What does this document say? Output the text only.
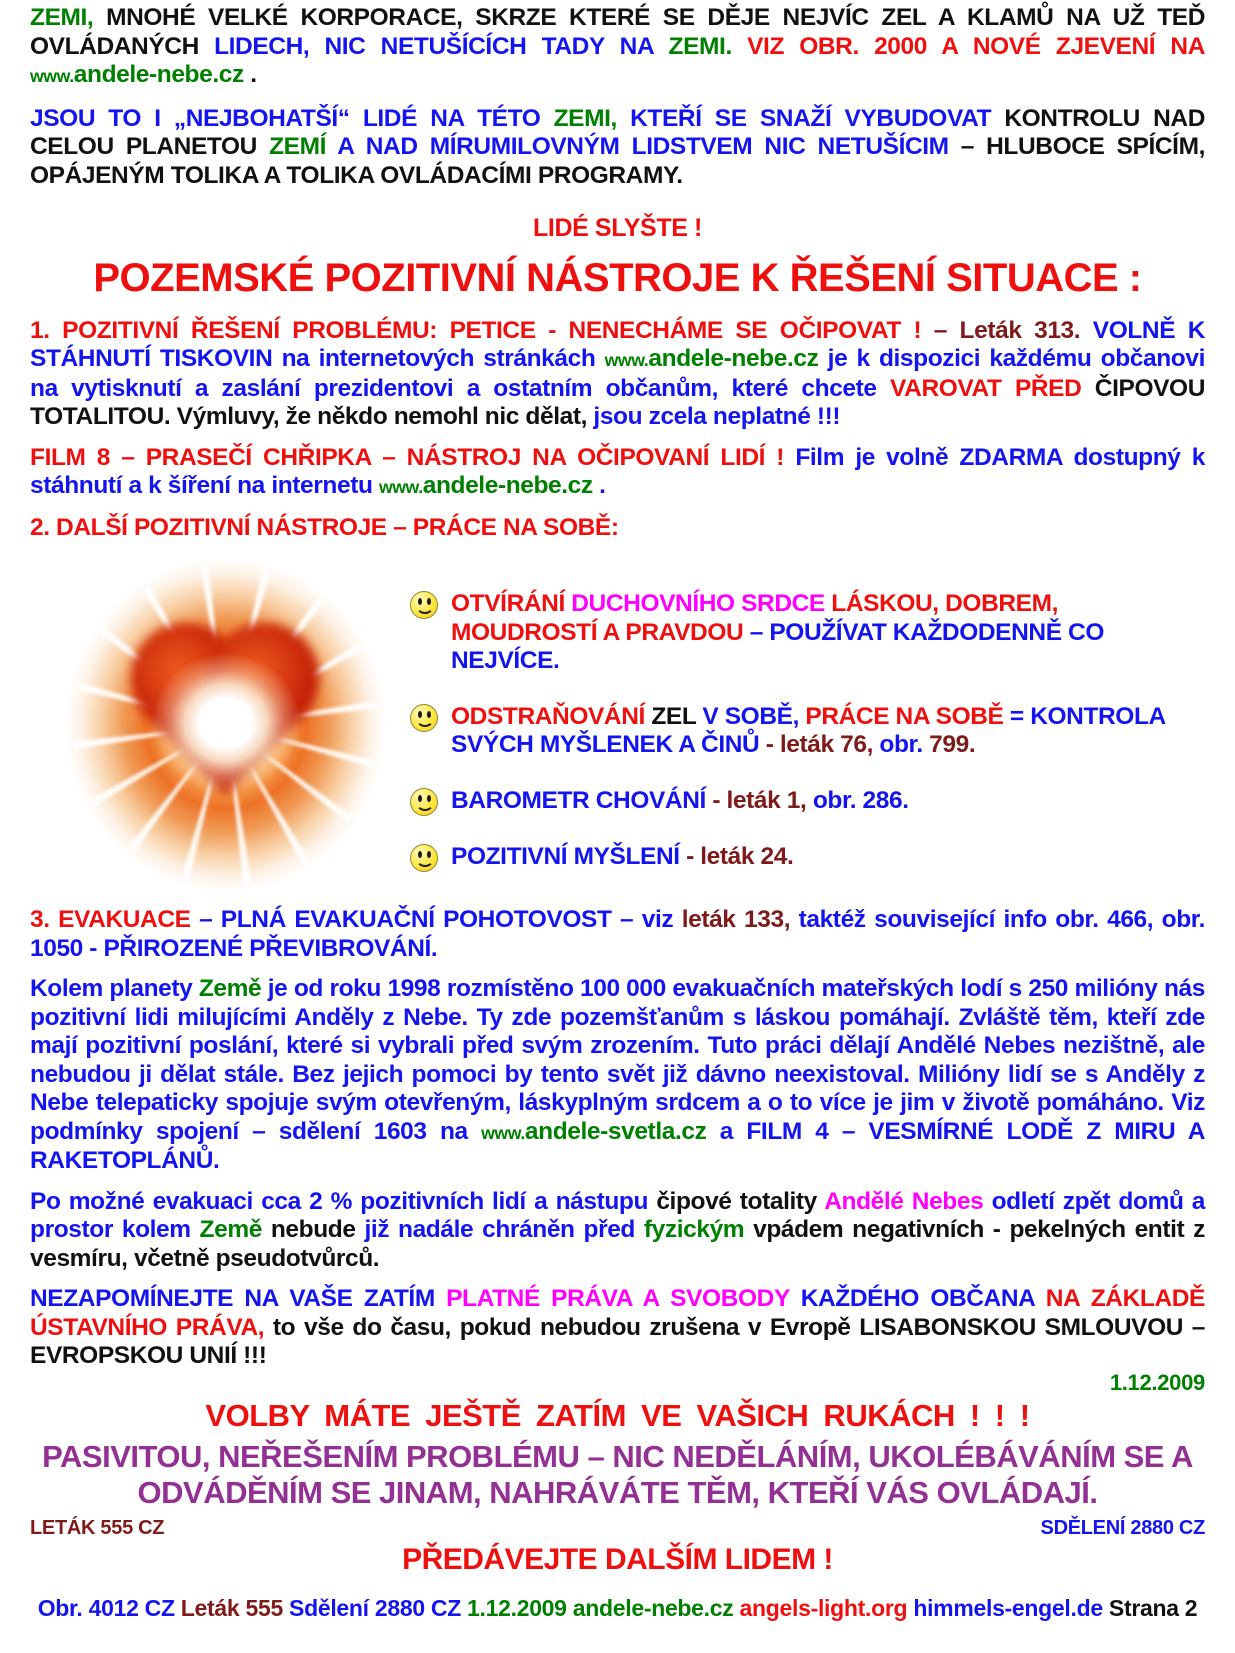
ZEMI, MNOHÉ VELKÉ KORPORACE, SKRZE KTERÉ SE DĚJE NEJVÍC ZEL A KLAMŮ NA UŽ TEĎ OVLÁDANÝCH LIDECH, NIC NETUŠÍCÍCH TADY NA ZEMI. VIZ OBR. 2000 A NOVÉ ZJEVENÍ NA www.andele-nebe.cz .

JSOU TO I „NEJBOHATŠÍ“ LIDÉ NA TÉTO ZEMI, KTEŘÍ SE SNAŽÍ VYBUDOVAT KONTROLU NAD CELOU PLANETOU ZEMÍ A NAD MÍRUMILOVNÝM LIDSTVEM NIC NETUŠÍCIM – HLUBOCE SPÍCÍM, OPÁJENÝM TOLIKA A TOLIKA OVLÁDACÍMI PROGRAMY.

LIDÉ SLYŠTE !

POZEMSKÉ POZITIVNÍ NÁSTROJE K ŘEŠENÍ SITUACE :

1. POZITIVNÍ ŘEŠENÍ PROBLÉMU: PETICE - NENECHÁME SE OČIPOVAT ! – Leták 313. VOLNĚ K STÁHNUTÍ TISKOVIN na internetových stránkách www.andele-nebe.cz je k dispozici každému občanovi na vytisknutí a zaslání prezidentovi a ostatním občanům, které chcete VAROVAT PŘED ČIPOVOU TOTALITOU. Výmluvy, že někdo nemohl nic dělat, jsou zcela neplatné !!!

FILM 8 – PRASEČÍ CHŘIPKA – NÁSTROJ NA OČIPOVANÍ LIDÍ ! Film je volně ZDARMA dostupný k stáhnutí a k šíření na internetu www.andele-nebe.cz .

2. DALŠÍ POZITIVNÍ NÁSTROJE – PRÁCE NA SOBĚ:

OTVÍRÁNÍ DUCHOVNÍHO SRDCE LÁSKOU, DOBREM, MOUDROSTÍ A PRAVDOU – POUŽÍVAT KAŽDODENNĚ CO NEJVÍCE.

ODSTRAŇOVÁNÍ ZEL V SOBĚ, PRÁCE NA SOBĚ = KONTROLA SVÝCH MYŠLENEK A ČINŮ - leták 76, obr. 799.

BAROMETR CHOVÁNÍ - leták 1, obr. 286.

POZITIVNÍ MYŠLENÍ - leták 24.

3. EVAKUACE – PLNÁ EVAKUAČNÍ POHOTOVOST – viz leták 133, taktéž související info obr. 466, obr. 1050 - PŘIROZENÉ PŘEVIBROVÁNÍ.

Kolem planety Země je od roku 1998 rozmístěno 100 000 evakuačních mateřských lodí s 250 milióny nás pozitivní lidi milujícími Anděly z Nebe. Ty zde pozemšťanům s láskou pomáhají. Zvláště těm, kteří zde mají pozitivní poslání, které si vybrali před svým zrozením. Tuto práci dělají Andělé Nebes nezištně, ale nebudou ji dělat stále. Bez jejich pomoci by tento svět již dávno neexistoval. Milióny lidí se s Anděly z Nebe telepaticky spojuje svým otevřeným, láskyplným srdcem a o to více je jim v životě pomáháno. Viz podmínky spojení – sdělení 1603 na www.andele-svetla.cz a FILM 4 – VESMÍRNÉ LODĚ Z MIRU A RAKETOPLÁNŮ.

Po možné evakuaci cca 2 % pozitivních lidí a nástupu čipové totality Andělé Nebes odletí zpět domů a prostor kolem Země nebude již nadále chráněn před fyzickým vpádem negativních - pekelných entit z vesmíru, včetně pseudotvůrců.

NEZAPOMÍNEJTE NA VAŠE ZATÍM PLATNÉ PRÁVA A SVOBODY KAŽDÉHO OBČANA NA ZÁKLADĚ ÚSTAVNÍHO PRÁVA, to vše do času, pokud nebudou zrušena v Evropě LISABONSKOU SMLOUVOU – EVROPSKOU UNIÍ !!!

1.12.2009

VOLBY MÁTE JEŠTĚ ZATÍM VE VAŠICH RUKÁCH ! ! !

PASIVITOU, NEŘEŠENÍM PROBLÉMU – NIC NEDĚLÁNÍM, UKOLÉBÁVÁNÍM SE A ODVÁDĚNÍM SE JINAM, NAHRÁVÁTE TĚM, KTEŘÍ VÁS OVLÁDAJÍ.

LETÁK 555 CZ	SDĚLENÍ 2880 CZ

PŘEDÁVEJTE DALŠÍM LIDEM !

Obr. 4012 CZ Leták 555 Sdělení 2880 CZ 1.12.2009 andele-nebe.cz angels-light.org himmels-engel.de Strana 2
